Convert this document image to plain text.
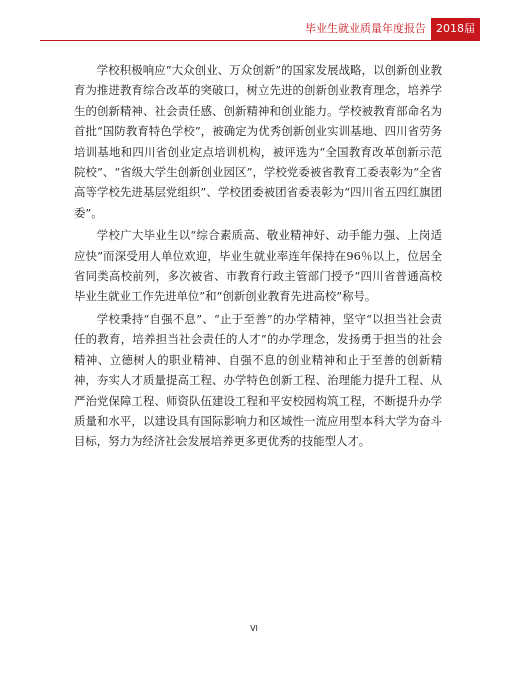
毕业生就业质量年度报告 2018届

学校积极响应“大众创业、万众创新”的国家发展战略，以创新创业教育为推进教育综合改革的突破口，树立先进的创新创业教育理念，培养学生的创新精神、社会责任感、创新精神和创业能力。学校被教育部命名为首批“国防教育特色学校”，被确定为优秀创新创业实训基地、四川省劳务培训基地和四川省创业定点培训机构，被评选为“全国教育改革创新示范院校”、“省级大学生创新创业园区”，学校党委被省教育工委表彰为“全省高等学校先进基层党组织”、学校团委被团省委表彰为“四川省五四红旗团委”。

学校广大毕业生以“综合素质高、敬业精神好、动手能力强、上岗适应快”而深受用人单位欢迎，毕业生就业率连年保持在96％以上，位居全省同类高校前列，多次被省、市教育行政主管部门授予“四川省普通高校毕业生就业工作先进单位”和“创新创业教育先进高校”称号。

学校秉持“自强不息”、“止于至善”的办学精神，坚守“以担当社会责任的教育，培养担当社会责任的人才”的办学理念，发扬勇于担当的社会精神、立德树人的职业精神、自强不息的创业精神和止于至善的创新精神，夯实人才质量提高工程、办学特色创新工程、治理能力提升工程、从严治党保障工程、师资队伍建设工程和平安校园构筑工程，不断提升办学质量和水平，以建设具有国际影响力和区域性一流应用型本科大学为奋斗目标，努力为经济社会发展培养更多更优秀的技能型人才。

VI
